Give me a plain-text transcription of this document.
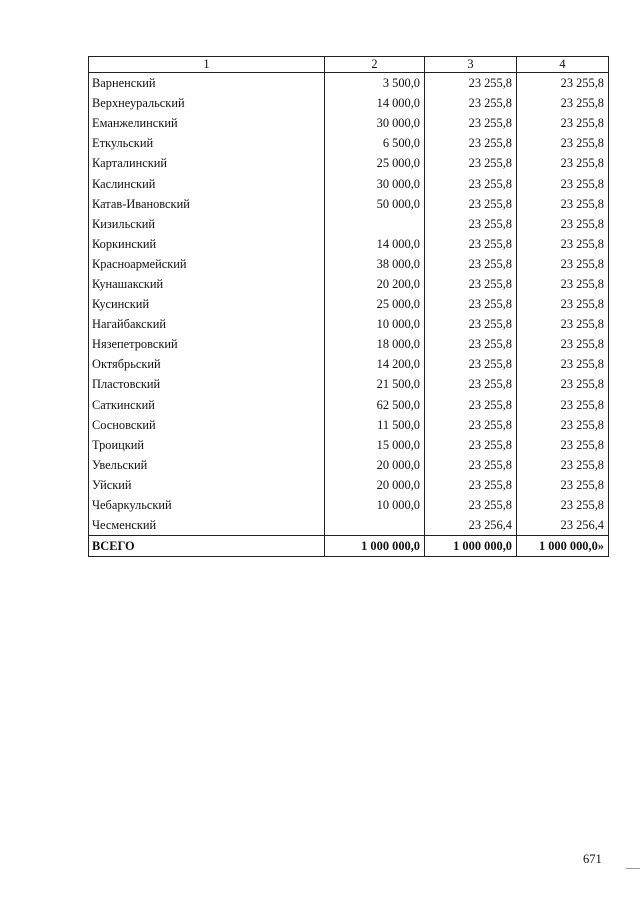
1	2	3	4
Варненский	3 500,0	23 255,8	23 255,8
Верхнеуральский	14 000,0	23 255,8	23 255,8
Еманжелинский	30 000,0	23 255,8	23 255,8
Еткульский	6 500,0	23 255,8	23 255,8
Карталинский	25 000,0	23 255,8	23 255,8
Каслинский	30 000,0	23 255,8	23 255,8
Катав-Ивановский	50 000,0	23 255,8	23 255,8
Кизильский		23 255,8	23 255,8
Коркинский	14 000,0	23 255,8	23 255,8
Красноармейский	38 000,0	23 255,8	23 255,8
Кунашакский	20 200,0	23 255,8	23 255,8
Кусинский	25 000,0	23 255,8	23 255,8
Нагайбакский	10 000,0	23 255,8	23 255,8
Нязепетровский	18 000,0	23 255,8	23 255,8
Октябрьский	14 200,0	23 255,8	23 255,8
Пластовский	21 500,0	23 255,8	23 255,8
Саткинский	62 500,0	23 255,8	23 255,8
Сосновский	11 500,0	23 255,8	23 255,8
Троицкий	15 000,0	23 255,8	23 255,8
Увельский	20 000,0	23 255,8	23 255,8
Уйский	20 000,0	23 255,8	23 255,8
Чебаркульский	10 000,0	23 255,8	23 255,8
Чесменский		23 256,4	23 256,4
ВСЕГО	1 000 000,0	1 000 000,0	1 000 000,0»
671
